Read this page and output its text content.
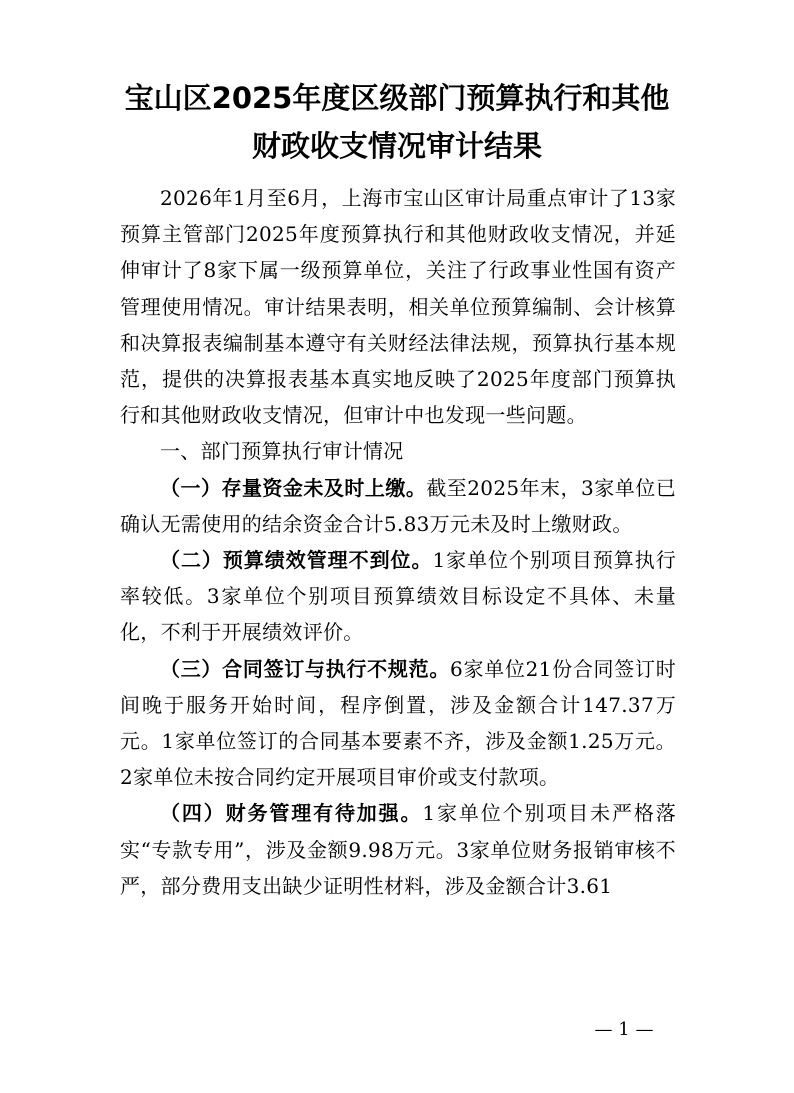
宝山区2025年度区级部门预算执行和其他
财政收支情况审计结果

2026年1月至6月，上海市宝山区审计局重点审计了13家预算主管部门2025年度预算执行和其他财政收支情况，并延伸审计了8家下属一级预算单位，关注了行政事业性国有资产管理使用情况。审计结果表明，相关单位预算编制、会计核算和决算报表编制基本遵守有关财经法律法规，预算执行基本规范，提供的决算报表基本真实地反映了2025年度部门预算执行和其他财政收支情况，但审计中也发现一些问题。

一、部门预算执行审计情况

（一）存量资金未及时上缴。截至2025年末，3家单位已确认无需使用的结余资金合计5.83万元未及时上缴财政。

（二）预算绩效管理不到位。1家单位个别项目预算执行率较低。3家单位个别项目预算绩效目标设定不具体、未量化，不利于开展绩效评价。

（三）合同签订与执行不规范。6家单位21份合同签订时间晚于服务开始时间，程序倒置，涉及金额合计147.37万元。1家单位签订的合同基本要素不齐，涉及金额1.25万元。2家单位未按合同约定开展项目审价或支付款项。

（四）财务管理有待加强。1家单位个别项目未严格落实“专款专用”，涉及金额9.98万元。3家单位财务报销审核不严，部分费用支出缺少证明性材料，涉及金额合计3.61

— 1 —
